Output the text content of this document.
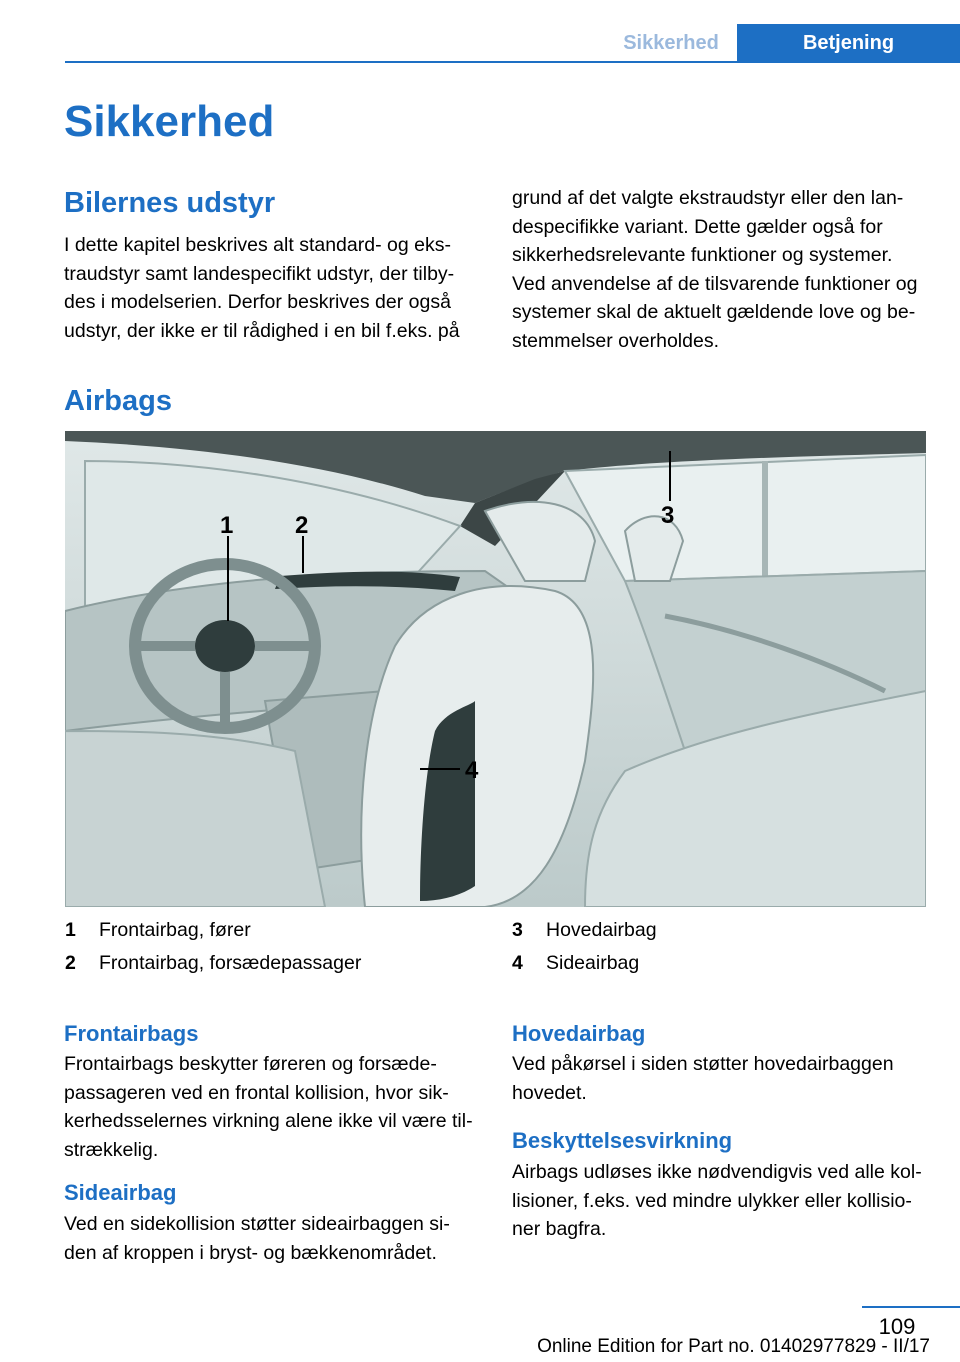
Sikkerhed	Betjening
Sikkerhed
Bilernes udstyr
I dette kapitel beskrives alt standard- og eks‐
traudstyr samt landespecifikt udstyr, der tilby‐
des i modelserien. Derfor beskrives der også
udstyr, der ikke er til rådighed i en bil f.eks. på
grund af det valgte ekstraudstyr eller den lan‐
despecifikke variant. Dette gælder også for
sikkerhedsrelevante funktioner og systemer.
Ved anvendelse af de tilsvarende funktioner og
systemer skal de aktuelt gældende love og be‐
stemmelser overholdes.
Airbags
1	2	3
4
1	Frontairbag, fører
2	Frontairbag, forsædepassager
3	Hovedairbag
4	Sideairbag
Frontairbags
Frontairbags beskytter føreren og forsæde‐
passageren ved en frontal kollision, hvor sik‐
kerhedsselernes virkning alene ikke vil være til‐
strækkelig.
Sideairbag
Ved en sidekollision støtter sideairbaggen si‐
den af kroppen i bryst- og bækkenområdet.
Hovedairbag
Ved påkørsel i siden støtter hovedairbaggen
hovedet.
Beskyttelsesvirkning
Airbags udløses ikke nødvendigvis ved alle kol‐
lisioner, f.eks. ved mindre ulykker eller kollisio‐
ner bagfra.
109
Online Edition for Part no. 01402977829 - II/17
